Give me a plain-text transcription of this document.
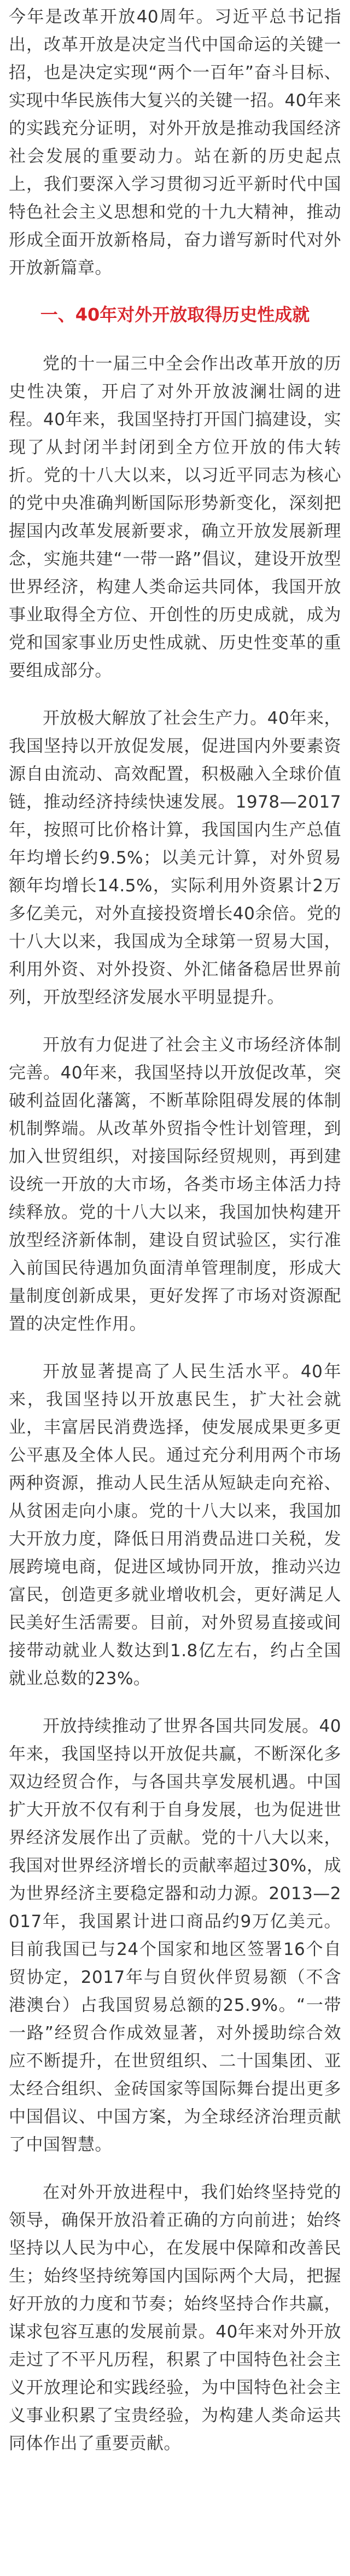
今年是改革开放40周年。习近平总书记指出，改革开放是决定当代中国命运的关键一招，也是决定实现“两个一百年”奋斗目标、实现中华民族伟大复兴的关键一招。40年来的实践充分证明，对外开放是推动我国经济社会发展的重要动力。站在新的历史起点上，我们要深入学习贯彻习近平新时代中国特色社会主义思想和党的十九大精神，推动形成全面开放新格局，奋力谱写新时代对外开放新篇章。

一、40年对外开放取得历史性成就

党的十一届三中全会作出改革开放的历史性决策，开启了对外开放波澜壮阔的进程。40年来，我国坚持打开国门搞建设，实现了从封闭半封闭到全方位开放的伟大转折。党的十八大以来，以习近平同志为核心的党中央准确判断国际形势新变化，深刻把握国内改革发展新要求，确立开放发展新理念，实施共建“一带一路”倡议，建设开放型世界经济，构建人类命运共同体，我国开放事业取得全方位、开创性的历史成就，成为党和国家事业历史性成就、历史性变革的重要组成部分。

开放极大解放了社会生产力。40年来，我国坚持以开放促发展，促进国内外要素资源自由流动、高效配置，积极融入全球价值链，推动经济持续快速发展。1978—2017年，按照可比价格计算，我国国内生产总值年均增长约9.5%；以美元计算，对外贸易额年均增长14.5%，实际利用外资累计2万多亿美元，对外直接投资增长40余倍。党的十八大以来，我国成为全球第一贸易大国，利用外资、对外投资、外汇储备稳居世界前列，开放型经济发展水平明显提升。

开放有力促进了社会主义市场经济体制完善。40年来，我国坚持以开放促改革，突破利益固化藩篱，不断革除阻碍发展的体制机制弊端。从改革外贸指令性计划管理，到加入世贸组织，对接国际经贸规则，再到建设统一开放的大市场，各类市场主体活力持续释放。党的十八大以来，我国加快构建开放型经济新体制，建设自贸试验区，实行准入前国民待遇加负面清单管理制度，形成大量制度创新成果，更好发挥了市场对资源配置的决定性作用。

开放显著提高了人民生活水平。40年来，我国坚持以开放惠民生，扩大社会就业，丰富居民消费选择，使发展成果更多更公平惠及全体人民。通过充分利用两个市场两种资源，推动人民生活从短缺走向充裕、从贫困走向小康。党的十八大以来，我国加大开放力度，降低日用消费品进口关税，发展跨境电商，促进区域协同开放，推动兴边富民，创造更多就业增收机会，更好满足人民美好生活需要。目前，对外贸易直接或间接带动就业人数达到1.8亿左右，约占全国就业总数的23%。

开放持续推动了世界各国共同发展。40年来，我国坚持以开放促共赢，不断深化多双边经贸合作，与各国共享发展机遇。中国扩大开放不仅有利于自身发展，也为促进世界经济发展作出了贡献。党的十八大以来，我国对世界经济增长的贡献率超过30%，成为世界经济主要稳定器和动力源。2013—2017年，我国累计进口商品约9万亿美元。目前我国已与24个国家和地区签署16个自贸协定，2017年与自贸伙伴贸易额（不含港澳台）占我国贸易总额的25.9%。“一带一路”经贸合作成效显著，对外援助综合效应不断提升，在世贸组织、二十国集团、亚太经合组织、金砖国家等国际舞台提出更多中国倡议、中国方案，为全球经济治理贡献了中国智慧。

在对外开放进程中，我们始终坚持党的领导，确保开放沿着正确的方向前进；始终坚持以人民为中心，在发展中保障和改善民生；始终坚持统筹国内国际两个大局，把握好开放的力度和节奏；始终坚持合作共赢，谋求包容互惠的发展前景。40年来对外开放走过了不平凡历程，积累了中国特色社会主义开放理论和实践经验，为中国特色社会主义事业积累了宝贵经验，为构建人类命运共同体作出了重要贡献。
